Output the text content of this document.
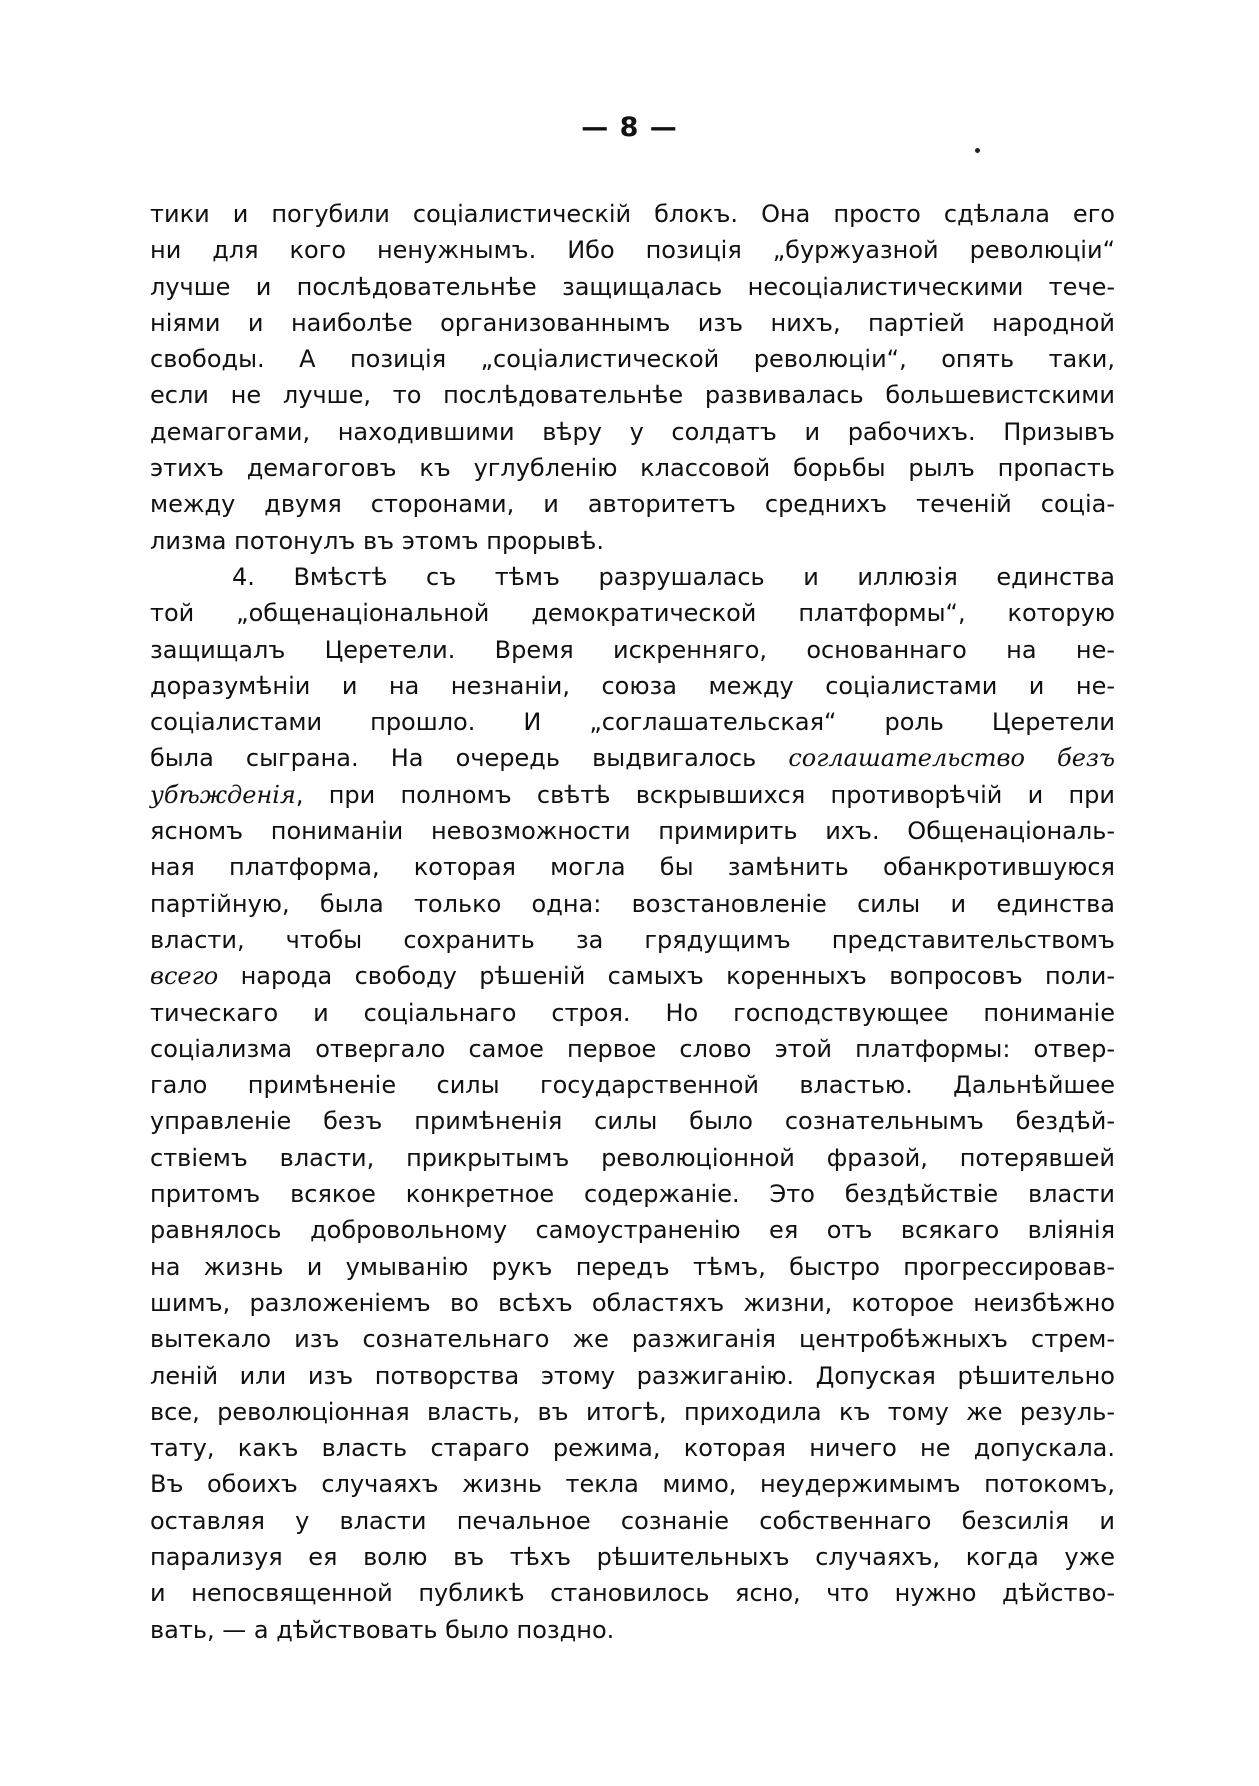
— 8 —
тики и погубили соціалистическій блокъ. Она просто сдѣлала его
ни для кого ненужнымъ. Ибо позиція „буржуазной революціи“
лучше и послѣдовательнѣе защищалась несоціалистическими тече-
ніями и наиболѣе организованнымъ изъ нихъ, партіей народной
свободы. А позиція „соціалистической революціи“, опять таки,
если не лучше, то послѣдовательнѣе развивалась большевистскими
демагогами, находившими вѣру у солдатъ и рабочихъ. Призывъ
этихъ демагоговъ къ углубленію классовой борьбы рылъ пропасть
между двумя сторонами, и авторитетъ среднихъ теченій соціа-
лизма потонулъ въ этомъ прорывѣ.
4. Вмѣстѣ съ тѣмъ разрушалась и иллюзія единства
той „общенаціональной демократической платформы“, которую
защищалъ Церетели. Время искренняго, основаннаго на не-
доразумѣніи и на незнаніи, союза между соціалистами и не-
соціалистами прошло. И „соглашательская“ роль Церетели
была сыграна. На очередь выдвигалось соглашательство безъ
убѣжденія, при полномъ свѣтѣ вскрывшихся противорѣчій и при
ясномъ пониманіи невозможности примирить ихъ. Общенаціональ-
ная платформа, которая могла бы замѣнить обанкротившуюся
партійную, была только одна: возстановленіе силы и единства
власти, чтобы сохранить за грядущимъ представительствомъ
всего народа свободу рѣшеній самыхъ коренныхъ вопросовъ поли-
тическаго и соціальнаго строя. Но господствующее пониманіе
соціализма отвергало самое первое слово этой платформы: отвер-
гало примѣненіе силы государственной властью. Дальнѣйшее
управленіе безъ примѣненія силы было сознательнымъ бездѣй-
ствіемъ власти, прикрытымъ революціонной фразой, потерявшей
притомъ всякое конкретное содержаніе. Это бездѣйствіе власти
равнялось добровольному самоустраненію ея отъ всякаго вліянія
на жизнь и умыванію рукъ передъ тѣмъ, быстро прогрессировав-
шимъ, разложеніемъ во всѣхъ областяхъ жизни, которое неизбѣжно
вытекало изъ сознательнаго же разжиганія центробѣжныхъ стрем-
леній или изъ потворства этому разжиганію. Допуская рѣшительно
все, революціонная власть, въ итогѣ, приходила къ тому же резуль-
тату, какъ власть стараго режима, которая ничего не допускала.
Въ обоихъ случаяхъ жизнь текла мимо, неудержимымъ потокомъ,
оставляя у власти печальное сознаніе собственнаго безсилія и
парализуя ея волю въ тѣхъ рѣшительныхъ случаяхъ, когда уже
и непосвященной публикѣ становилось ясно, что нужно дѣйство-
вать, — а дѣйствовать было поздно.
